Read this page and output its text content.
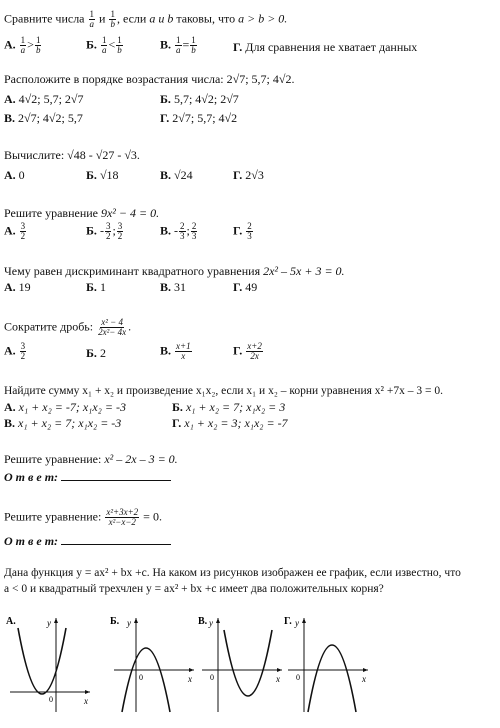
Сравните числа $\frac{1}{a}$ и $\frac{1}{b}$ , если a и b таковы, что a > b > 0.
А. $\frac{1}{a} > \frac{1}{b}$	Б. $\frac{1}{a} < \frac{1}{b}$	В. $\frac{1}{a} = \frac{1}{b}$	Г. Для сравнения не хватает данных
Расположите в порядке возрастания числа: 2√7; 5,7; 4√2.
А. 4√2; 5,7; 2√7	Б. 5,7; 4√2; 2√7
В. 2√7; 4√2; 5,7	Г. 2√7; 5,7; 4√2
Вычислите: √48 - √27 - √3.
А. 0	Б. √18	В. √24	Г. 2√3
Решите уравнение 9x² − 4 = 0.
А. $\frac{3}{2}$	Б. - $\frac{3}{2}$ ; $\frac{3}{2}$	В. - $\frac{2}{3}$ ; $\frac{2}{3}$	Г. $\frac{2}{3}$
Чему равен дискриминант квадратного уравнения 2x² – 5x + 3 = 0.
А. 19	Б. 1	В. 31	Г. 49
Сократите дробь: $\frac{\text{x² − 4}}{\text{2x²− 4x}}$ .
А. $\frac{3}{2}$	Б. 2	В. $\frac{x+1}{x}$	Г. $\frac{x+2}{2x}$
Найдите сумму x₁ + x₂ и произведение x₁x₂, если x₁ и x₂ – корни уравнения x² +7x – 3 = 0.
А. x₁ + x₂ = -7; x₁x₂ = -3	Б. x₁ + x₂ = 7; x₁x₂ = 3
В. x₁ + x₂ = 7; x₁x₂ = -3	Г. x₁ + x₂ = 3; x₁x₂ = -7
Решите уравнение: x² – 2x – 3 = 0.
О т в е т:
Решите уравнение: $\frac{\text{x²+3x+2}}{\text{x²−x−2}} = 0$.
О т в е т:
Дана функция y = ax² + bx +c. На каком из рисунков изображен ее график, если известно, что
a < 0 и квадратный трехчлен y = ax² + bx +c имеет два положительных корня?
А.	y
x
0
Б. y
x
0
В. y
x
0
Г. y
x
0
